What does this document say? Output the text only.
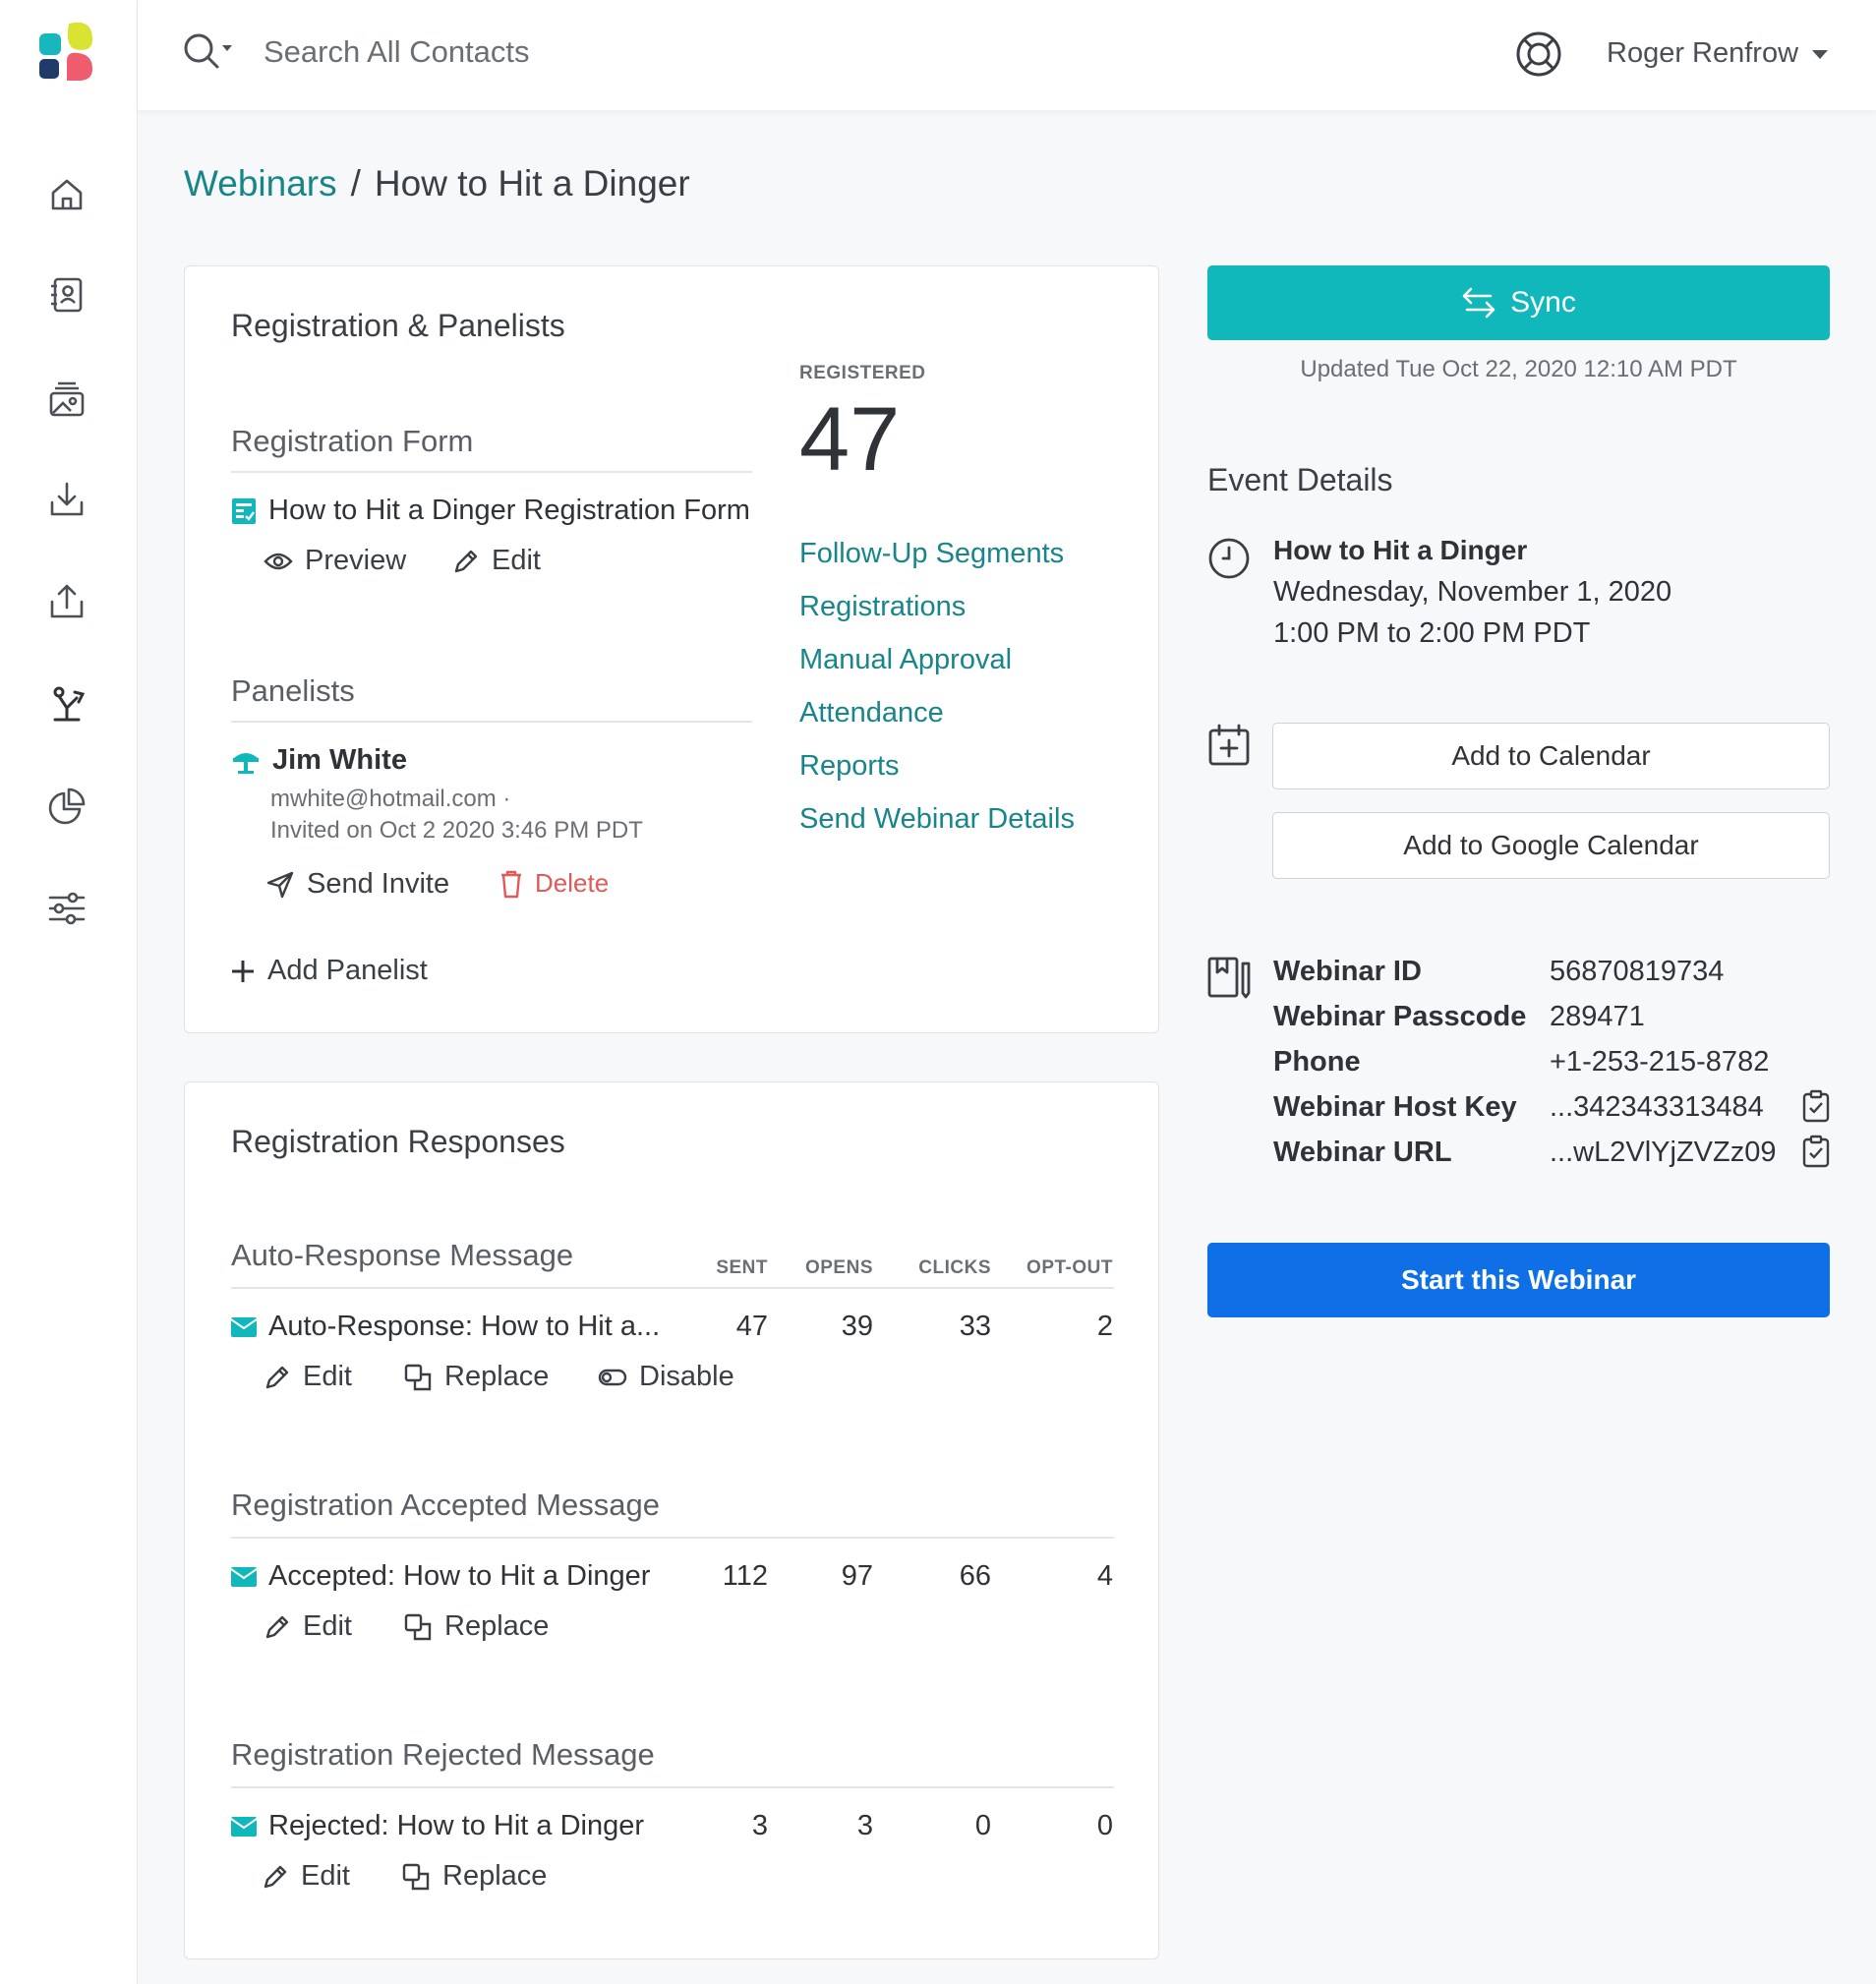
Search All Contacts
Roger Renfrow
Webinars / How to Hit a Dinger
Registration & Panelists
Registration Form
How to Hit a Dinger Registration Form
Preview	Edit
Panelists
Jim White
mwhite@hotmail.com ·
Invited on Oct 2 2020 3:46 PM PDT
Send Invite	Delete
Add Panelist
REGISTERED
47
Follow-Up Segments
Registrations
Manual Approval
Attendance
Reports
Send Webinar Details
Registration Responses
Auto-Response Message	SENT	OPENS	CLICKS	OPT-OUT
Auto-Response: How to Hit a...	47	39	33	2
Edit	Replace	Disable
Registration Accepted Message
Accepted: How to Hit a Dinger	112	97	66	4
Edit	Replace
Registration Rejected Message
Rejected: How to Hit a Dinger	3	3	0	0
Edit	Replace
Sync
Updated Tue Oct 22, 2020 12:10 AM PDT
Event Details
How to Hit a Dinger
Wednesday, November 1, 2020
1:00 PM to 2:00 PM PDT
Add to Calendar
Add to Google Calendar
Webinar ID	56870819734
Webinar Passcode 289471
Phone	+1-253-215-8782
Webinar Host Key ...342343313484
Webinar URL	...wL2VlYjZVZz09
Start this Webinar
